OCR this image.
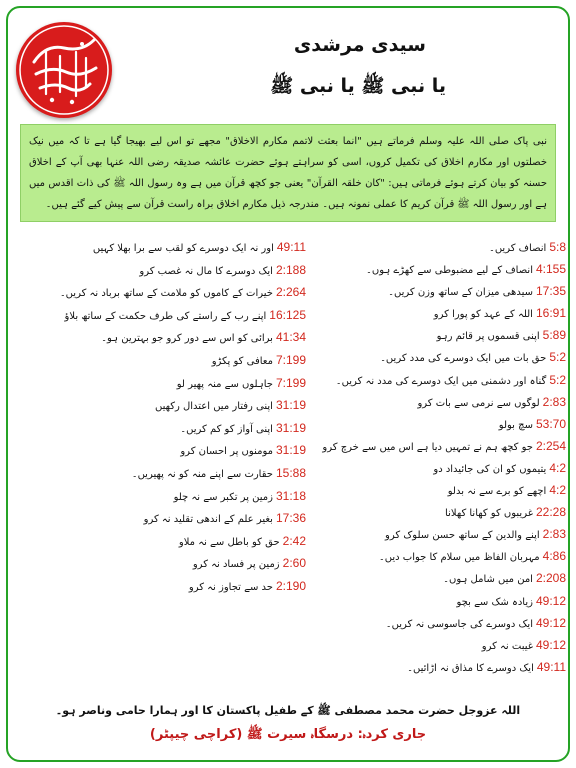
سیدی مرشدی
یا نبی ﷺ یا نبی ﷺ

نبی پاک صلی اللہ علیہ وسلم فرماتے ہیں "انما بعثت لاتمم مکارم الاخلاق" مجھے تو اس لیے بھیجا گیا ہے تا کہ میں نیک خصلتوں اور مکارم اخلاق کی تکمیل کروں، اسی کو سراہتے ہوئے حضرت عائشہ صدیقہ رضی اللہ عنہا بھی آپ کے اخلاق حسنہ کو بیان کرتے ہوئے فرماتی ہیں: "کان خلقہ القرآن" یعنی جو کچھ قرآن میں ہے وہ رسول اللہ ﷺ کی ذات اقدس میں ہے اور رسول اللہ ﷺ قرآن کریم کا عملی نمونہ ہیں۔ مندرجہ ذیل مکارم اخلاق براہ راست قرآن سے پیش کیے گئے ہیں۔

5:8انصاف کریں۔
4:155انصاف کے لیے مضبوطی سے کھڑے ہوں۔
17:35سیدھی میزان کے ساتھ وزن کریں۔
16:91اللہ کے عہد کو پورا کرو
5:89اپنی قسموں پر قائم رہو
5:2حق بات میں ایک دوسرے کی مدد کریں۔
5:2گناہ اور دشمنی میں ایک دوسرے کی مدد نہ کریں۔
2:83لوگوں سے نرمی سے بات کرو
53:70سچ بولو
2:254جو کچھ ہم نے تمہیں دیا ہے اس میں سے خرچ کرو
4:2یتیموں کو ان کی جائیداد دو
4:2اچھے کو برے سے نہ بدلو
22:28غریبوں کو کھانا کھلانا
2:83اپنے والدین کے ساتھ حسن سلوک کرو
4:86مہربان الفاظ میں سلام کا جواب دیں۔
2:208امن میں شامل ہوں۔
49:12زیادہ شک سے بچو
49:12ایک دوسرے کی جاسوسی نہ کریں۔
49:12غیبت نہ کرو
49:11ایک دوسرے کا مذاق نہ اڑائیں۔
49:11اور نہ ایک دوسرے کو لقب سے برا بھلا کہیں
2:188ایک دوسرے کا مال نہ غصب کرو
2:264خیرات کے کاموں کو ملامت کے ساتھ برباد نہ کریں۔
16:125اپنے رب کے راستے کی طرف حکمت کے ساتھ بلاؤ
41:34برائی کو اس سے دور کرو جو بہترین ہو۔
7:199معافی کو پکڑو
7:199جاہلوں سے منہ پھیر لو
31:19اپنی رفتار میں اعتدال رکھیں
31:19اپنی آواز کو کم کریں۔
31:19مومنوں پر احسان کرو
15:88حقارت سے اپنے منہ کو نہ پھیریں۔
31:18زمین پر تکبر سے نہ چلو
17:36بغیر علم کے اندھی تقلید نہ کرو
2:42حق کو باطل سے نہ ملاو
2:60زمین پر فساد نہ کرو
2:190حد سے تجاوز نہ کرو
اللہ عزوجل حضرت محمد مصطفی ﷺ کے طفیل پاکستان کا اور ہمارا حامی وناصر ہو۔
جاری کردہ: درسگاہ سیرت ﷺ (کراچی چیپٹر)
